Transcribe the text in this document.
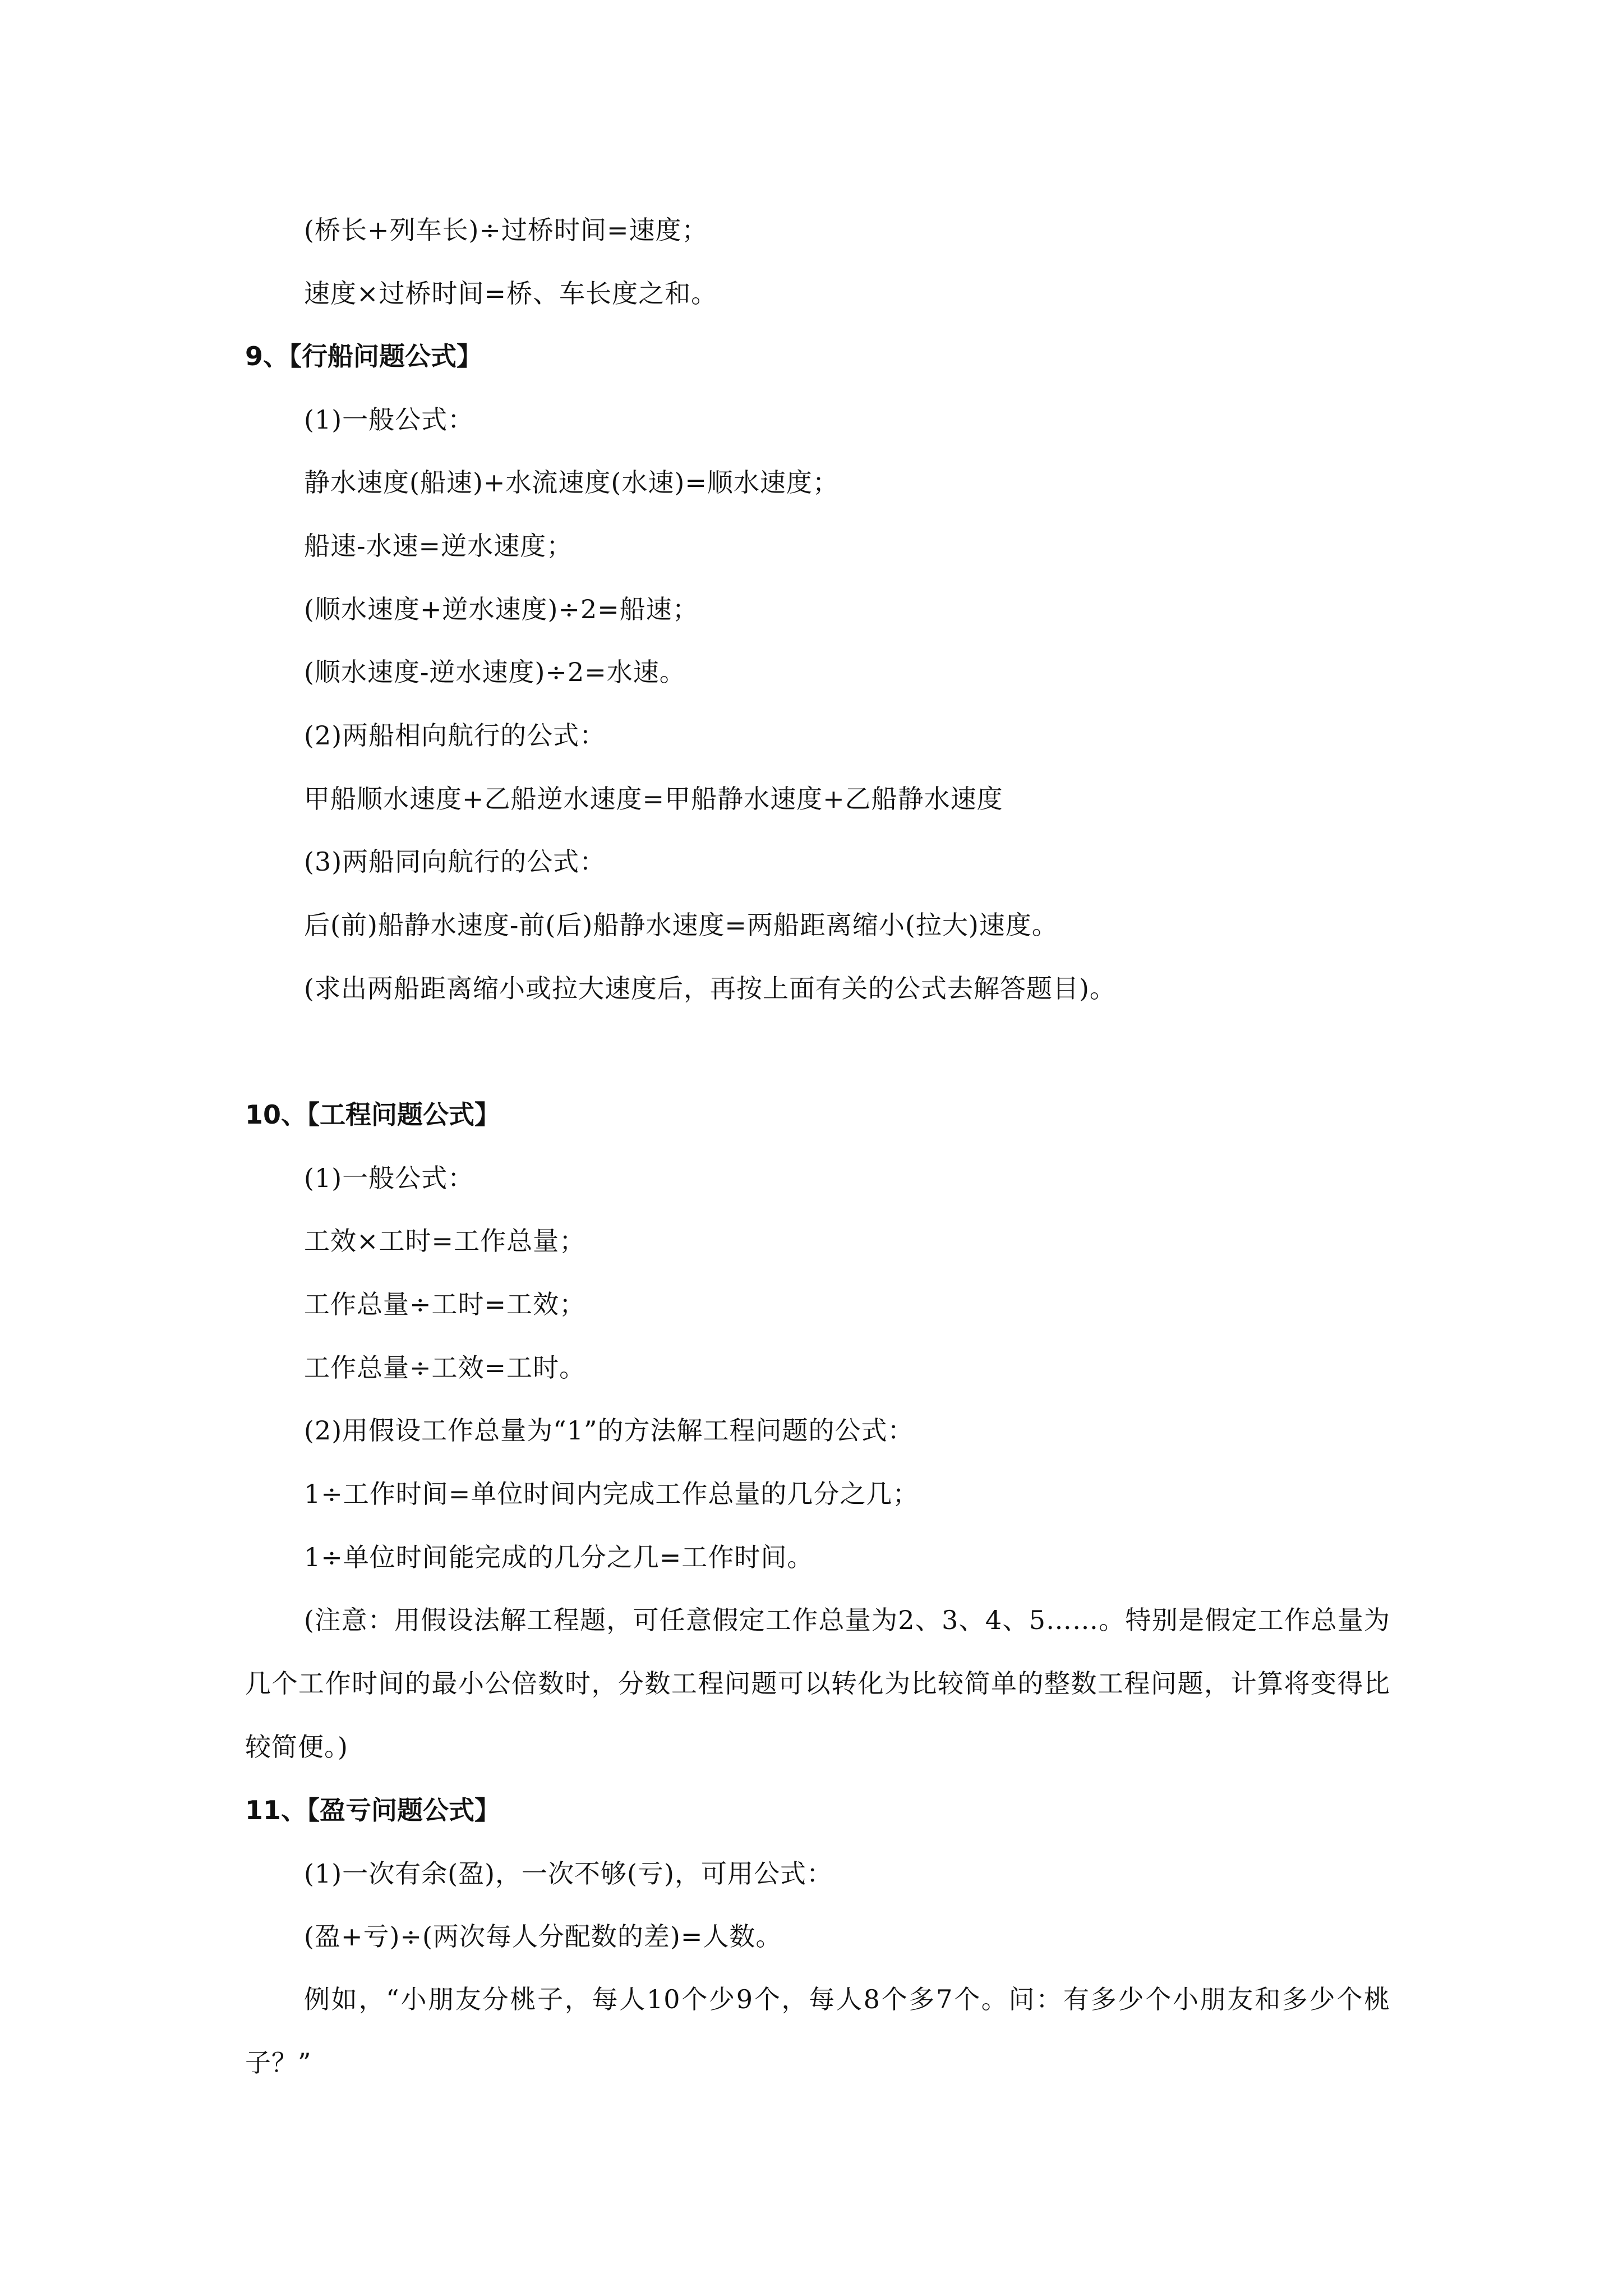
(桥长+列车长)÷过桥时间=速度；
速度×过桥时间=桥、车长度之和。
9、【行船问题公式】
(1)一般公式：
静水速度(船速)+水流速度(水速)=顺水速度；
船速-水速=逆水速度；
(顺水速度+逆水速度)÷2=船速；
(顺水速度-逆水速度)÷2=水速。
(2)两船相向航行的公式：
甲船顺水速度+乙船逆水速度=甲船静水速度+乙船静水速度
(3)两船同向航行的公式：
后(前)船静水速度-前(后)船静水速度=两船距离缩小(拉大)速度。
(求出两船距离缩小或拉大速度后，再按上面有关的公式去解答题目)。
10、【工程问题公式】
(1)一般公式：
工效×工时=工作总量；
工作总量÷工时=工效；
工作总量÷工效=工时。
(2)用假设工作总量为“1”的方法解工程问题的公式：
1÷工作时间=单位时间内完成工作总量的几分之几；
1÷单位时间能完成的几分之几=工作时间。
(注意：用假设法解工程题，可任意假定工作总量为2、3、4、5……。特别是假定工作总量为几个工作时间的最小公倍数时，分数工程问题可以转化为比较简单的整数工程问题，计算将变得比较简便。)
11、【盈亏问题公式】
(1)一次有余(盈)，一次不够(亏)，可用公式：
(盈+亏)÷(两次每人分配数的差)=人数。
例如，“小朋友分桃子，每人10个少9个，每人8个多7个。问：有多少个小朋友和多少个桃子？”
